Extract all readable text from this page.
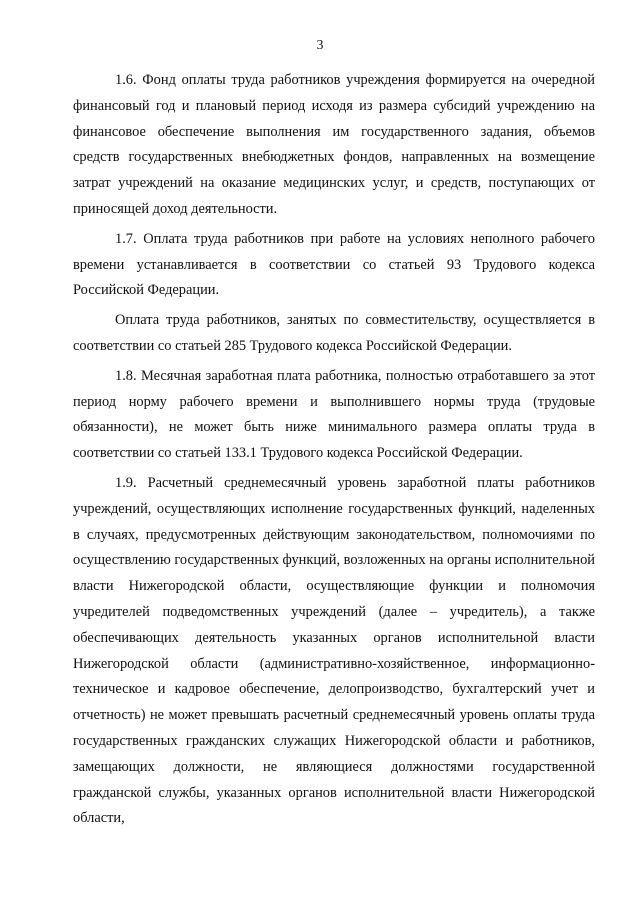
3

1.6. Фонд оплаты труда работников учреждения формируется на очередной финансовый год и плановый период исходя из размера субсидий учреждению на финансовое обеспечение выполнения им государственного задания, объемов средств государственных внебюджетных фондов, направленных на возмещение затрат учреждений на оказание медицинских услуг, и средств, поступающих от приносящей доход деятельности.

1.7. Оплата труда работников при работе на условиях неполного рабочего времени устанавливается в соответствии со статьей 93 Трудового кодекса Российской Федерации.

Оплата труда работников, занятых по совместительству, осуществляется в соответствии со статьей 285 Трудового кодекса Российской Федерации.

1.8. Месячная заработная плата работника, полностью отработавшего за этот период норму рабочего времени и выполнившего нормы труда (трудовые обязанности), не может быть ниже минимального размера оплаты труда в соответствии со статьей 133.1 Трудового кодекса Российской Федерации.

1.9. Расчетный среднемесячный уровень заработной платы работников учреждений, осуществляющих исполнение государственных функций, наделенных в случаях, предусмотренных действующим законодательством, полномочиями по осуществлению государственных функций, возложенных на органы исполнительной власти Нижегородской области, осуществляющие функции и полномочия учредителей подведомственных учреждений (далее – учредитель), а также обеспечивающих деятельность указанных органов исполнительной власти Нижегородской области (административно-хозяйственное, информационно-техническое и кадровое обеспечение, делопроизводство, бухгалтерский учет и отчетность) не может превышать расчетный среднемесячный уровень оплаты труда государственных гражданских служащих Нижегородской области и работников, замещающих должности, не являющиеся должностями государственной гражданской службы, указанных органов исполнительной власти Нижегородской области,
